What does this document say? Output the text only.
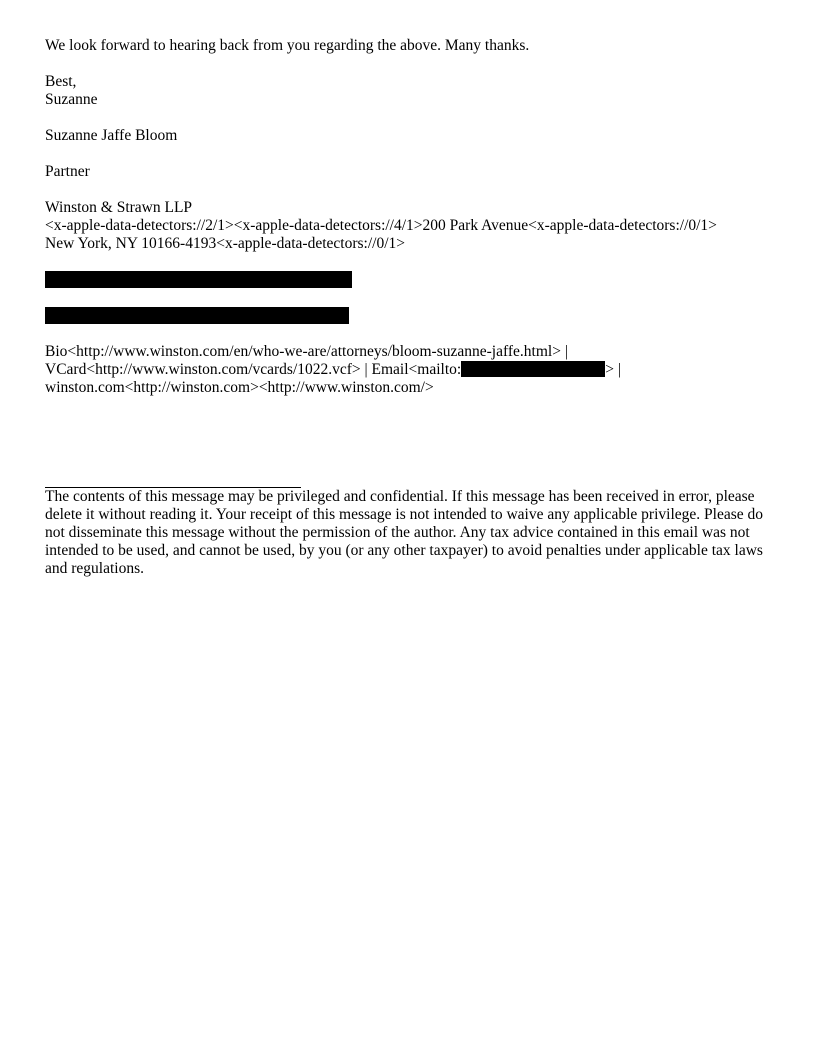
We look forward to hearing back from you regarding the above. Many thanks.
Best,
Suzanne
Suzanne Jaffe Bloom
Partner
Winston & Strawn LLP
<x-apple-data-detectors://2/1><x-apple-data-detectors://4/1>200 Park Avenue<x-apple-data-detectors://0/1>
New York, NY 10166-4193<x-apple-data-detectors://0/1>
Bio<http://www.winston.com/en/who-we-are/attorneys/bloom-suzanne-jaffe.html> |
VCard<http://www.winston.com/vcards/1022.vcf> | Email<mailto:	> |
winston.com<http://winston.com><http://www.winston.com/>
The contents of this message may be privileged and confidential. If this message has been received in error, please delete it without reading it. Your receipt of this message is not intended to waive any applicable privilege. Please do not disseminate this message without the permission of the author. Any tax advice contained in this email was not intended to be used, and cannot be used, by you (or any other taxpayer) to avoid penalties under applicable tax laws and regulations.
